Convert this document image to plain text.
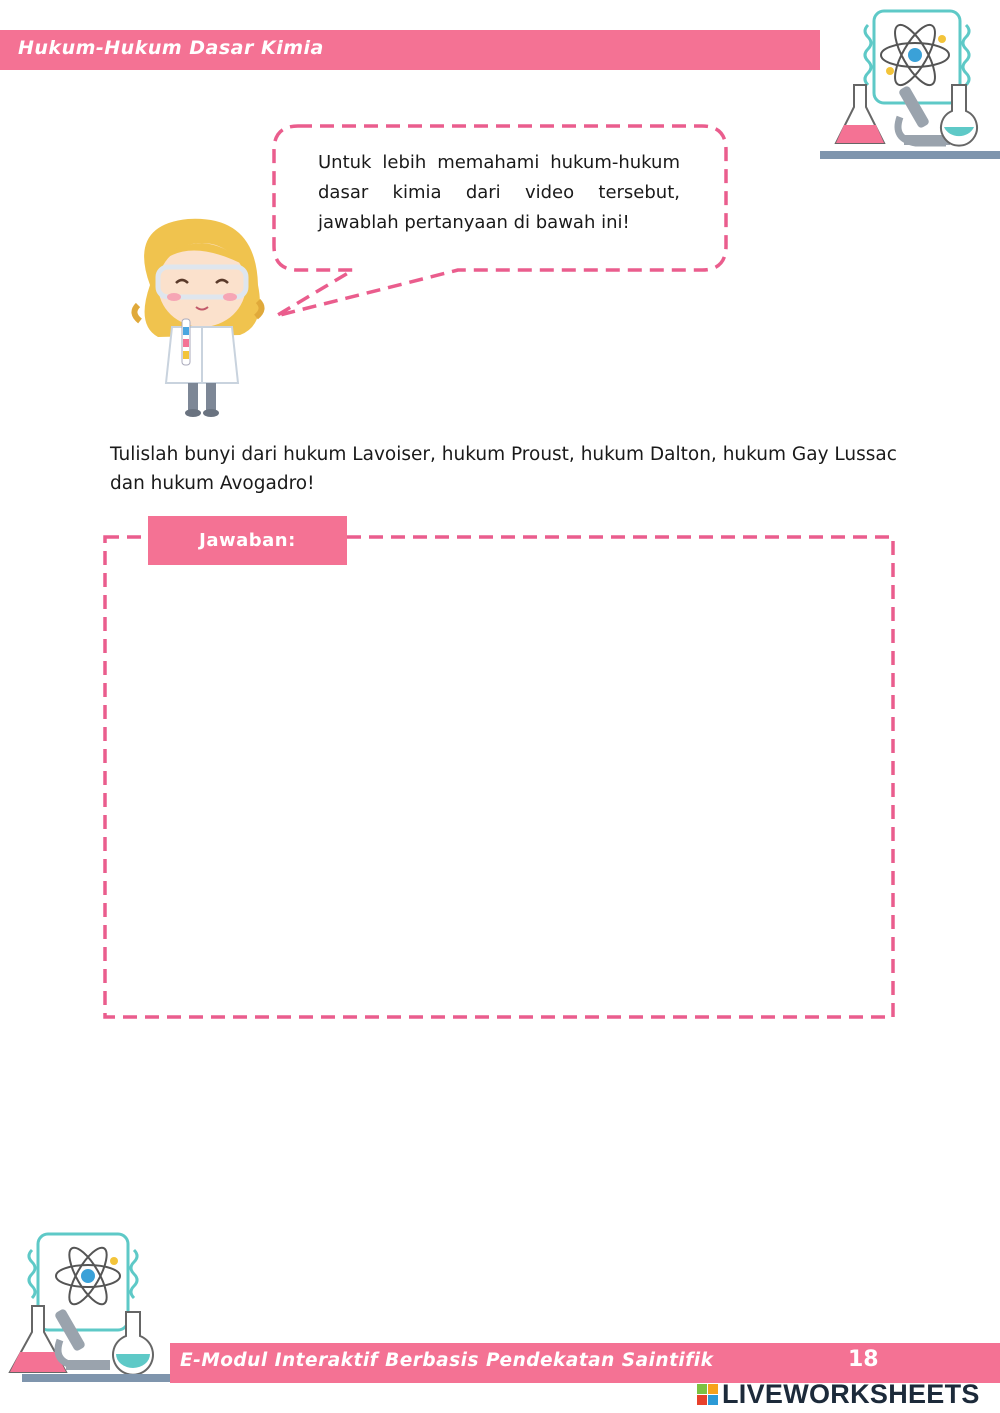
Hukum-Hukum Dasar Kimia
Untuk lebih memahami hukum-hukum dasar kimia dari video tersebut, jawablah pertanyaan di bawah ini!
Tulislah bunyi dari hukum Lavoiser, hukum Proust, hukum Dalton, hukum Gay Lussac dan hukum Avogadro!
Jawaban:
E-Modul Interaktif Berbasis Pendekatan Saintifik	18
LIVEWORKSHEETS
